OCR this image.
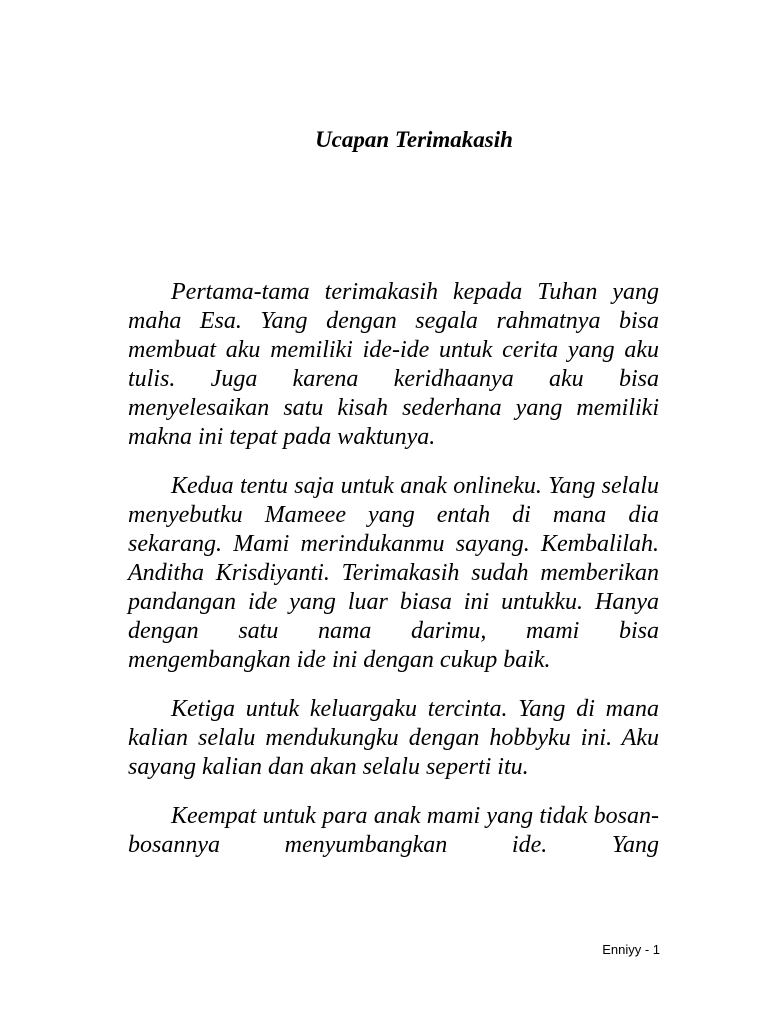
Ucapan Terimakasih

Pertama-tama terimakasih kepada Tuhan yang maha Esa. Yang dengan segala rahmatnya bisa membuat aku memiliki ide-ide untuk cerita yang aku tulis. Juga karena keridhaanya aku bisa menyelesaikan satu kisah sederhana yang memiliki makna ini tepat pada waktunya.

Kedua tentu saja untuk anak onlineku. Yang selalu menyebutku Mameee yang entah di mana dia sekarang. Mami merindukanmu sayang. Kembalilah. Anditha Krisdiyanti. Terimakasih sudah memberikan pandangan ide yang luar biasa ini untukku. Hanya dengan satu nama darimu, mami bisa mengembangkan ide ini dengan cukup baik.

Ketiga untuk keluargaku tercinta. Yang di mana kalian selalu mendukungku dengan hobbyku ini. Aku sayang kalian dan akan selalu seperti itu.

Keempat untuk para anak mami yang tidak bosan-bosannya menyumbangkan ide. Yang

Enniyy - 1
